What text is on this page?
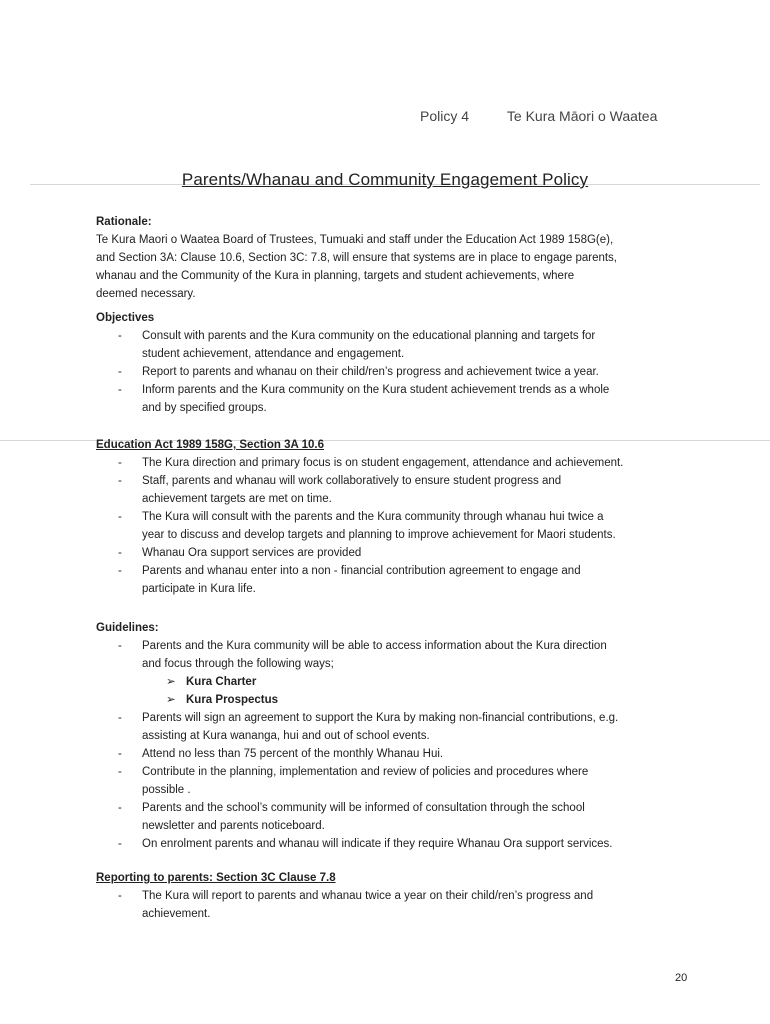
Policy 4	Te Kura Māori o Waatea
Parents/Whanau and Community Engagement Policy
Rationale:
Te Kura Maori o Waatea Board of Trustees, Tumuaki and staff under the Education Act 1989 158G(e),
and Section 3A: Clause 10.6, Section 3C: 7.8, will ensure that systems are in place to engage parents,
whanau and the Community of the Kura in planning, targets and student achievements, where
deemed necessary.
Objectives
- Consult with parents and the Kura community on the educational planning and targets for
student achievement, attendance and engagement.
- Report to parents and whanau on their child/ren’s progress and achievement twice a year.
- Inform parents and the Kura community on the Kura student achievement trends as a whole
and by specified groups.
Education Act 1989 158G, Section 3A 10.6
- The Kura direction and primary focus is on student engagement, attendance and achievement.
- Staff, parents and whanau will work collaboratively to ensure student progress and
achievement targets are met on time.
- The Kura will consult with the parents and the Kura community through whanau hui twice a
year to discuss and develop targets and planning to improve achievement for Maori students.
- Whanau Ora support services are provided
- Parents and whanau enter into a non - financial contribution agreement to engage and
participate in Kura life.
Guidelines:
- Parents and the Kura community will be able to access information about the Kura direction
and focus through the following ways;
➢ Kura Charter
➢ Kura Prospectus
- Parents will sign an agreement to support the Kura by making non-financial contributions, e.g.
assisting at Kura wananga, hui and out of school events.
- Attend no less than 75 percent of the monthly Whanau Hui.
- Contribute in the planning, implementation and review of policies and procedures where
possible .
- Parents and the school’s community will be informed of consultation through the school
newsletter and parents noticeboard.
- On enrolment parents and whanau will indicate if they require Whanau Ora support services.
Reporting to parents: Section 3C Clause 7.8
- The Kura will report to parents and whanau twice a year on their child/ren’s progress and
achievement.
20
